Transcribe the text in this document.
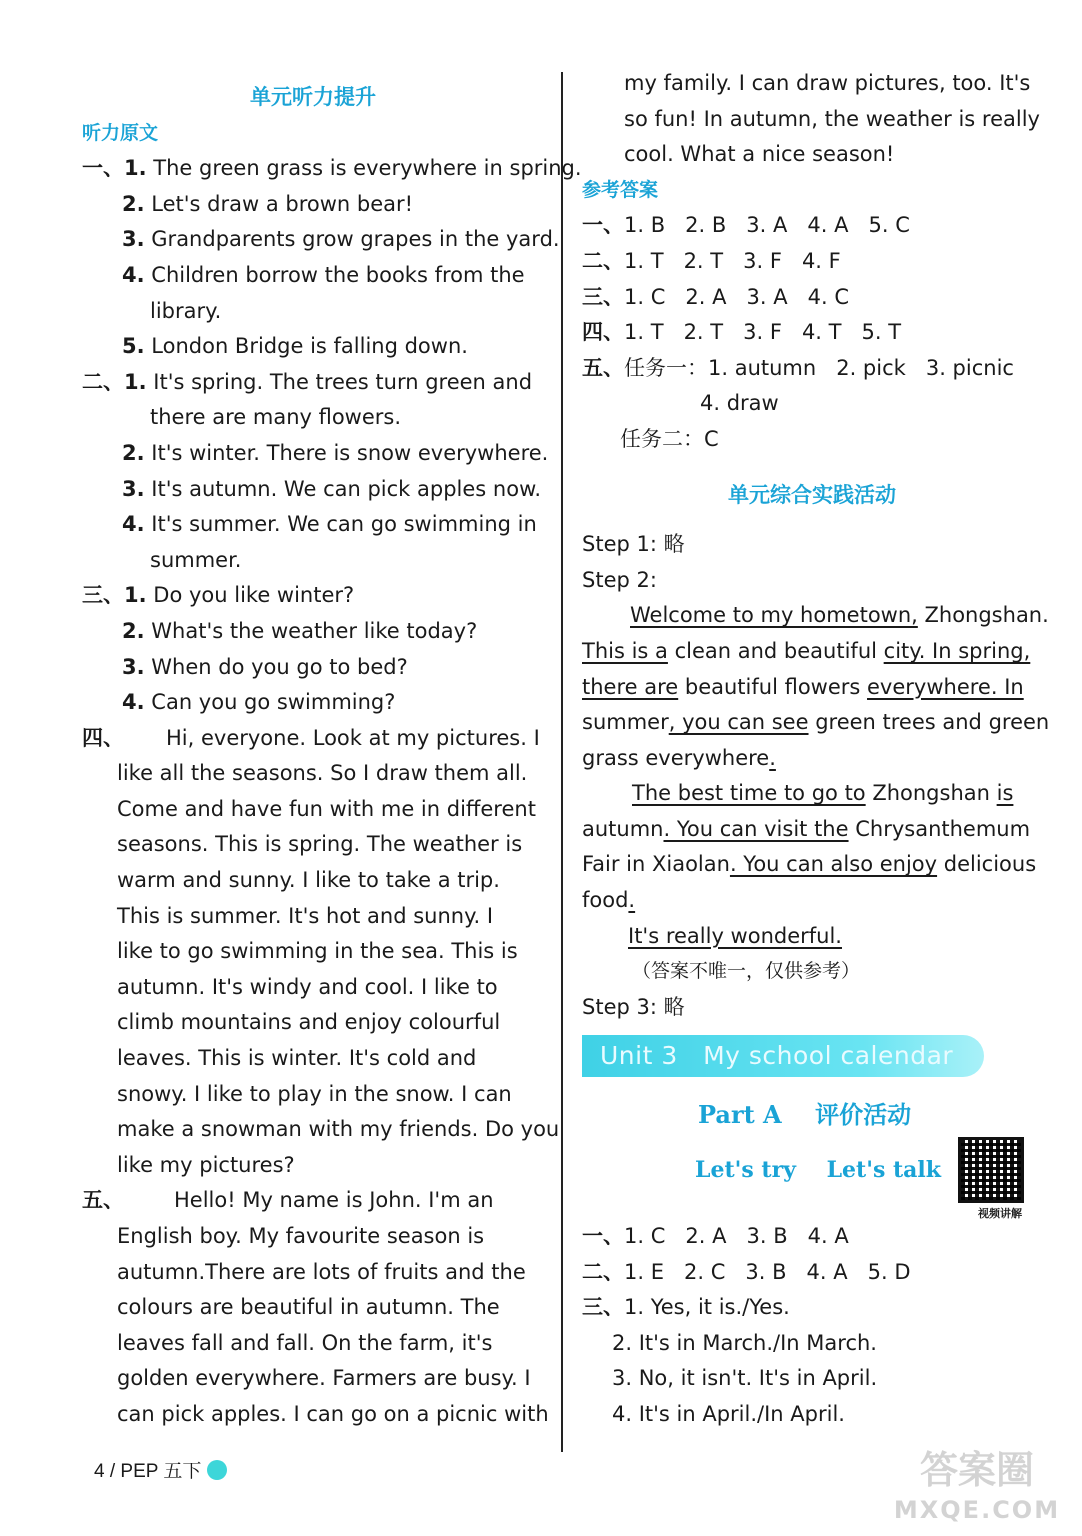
单元听力提升
听力原文
一、1. The green grass is everywhere in spring.
2. Let's draw a brown bear!
3. Grandparents grow grapes in the yard.
4. Children borrow the books from the
library.
5. London Bridge is falling down.
二、1. It's spring. The trees turn green and
there are many flowers.
2. It's winter. There is snow everywhere.
3. It's autumn. We can pick apples now.
4. It's summer. We can go swimming in
summer.
三、1. Do you like winter?
2. What's the weather like today?
3. When do you go to bed?
4. Can you go swimming?
四、	Hi, everyone. Look at my pictures. I
like all the seasons. So I draw them all.
Come and have fun with me in different
seasons. This is spring. The weather is
warm and sunny. I like to take a trip.
This is summer. It's hot and sunny. I
like to go swimming in the sea. This is
autumn. It's windy and cool. I like to
climb mountains and enjoy colourful
leaves. This is winter. It's cold and
snowy. I like to play in the snow. I can
make a snowman with my friends. Do you
like my pictures?
五、	Hello! My name is John. I'm an
English boy. My favourite season is
autumn.There are lots of fruits and the
colours are beautiful in autumn. The
leaves fall and fall. On the farm, it's
golden everywhere. Farmers are busy. I
can pick apples. I can go on a picnic with
my family. I can draw pictures, too. It's
so fun! In autumn, the weather is really
cool. What a nice season!
参考答案
一、1. B   2. B   3. A   4. A   5. C
二、1. T   2. T   3. F   4. F
三、1. C   2. A   3. A   4. C
四、1. T   2. T   3. F   4. T   5. T
五、任务一：1. autumn   2. pick   3. picnic
4. draw
任务二：C
单元综合实践活动
Step 1: 略
Step 2:
Welcome to my hometown, Zhongshan.
This is a clean and beautiful city. In spring,
there are beautiful flowers everywhere. In
summer, you can see green trees and green
grass everywhere.
The best time to go to Zhongshan is
autumn. You can visit the Chrysanthemum
Fair in Xiaolan. You can also enjoy delicious
food.
It's really wonderful.
（答案不唯一，仅供参考）
Step 3: 略
Unit 3   My school calendar
Part A    评价活动
Let's try    Let's talk
视频讲解
一、1. C   2. A   3. B   4. A
二、1. E   2. C   3. B   4. A   5. D
三、1. Yes, it is./Yes.
2. It's in March./In March.
3. No, it isn't. It's in April.
4. It's in April./In April.
4 / PEP 五下	答案圈
MXQE.COM
